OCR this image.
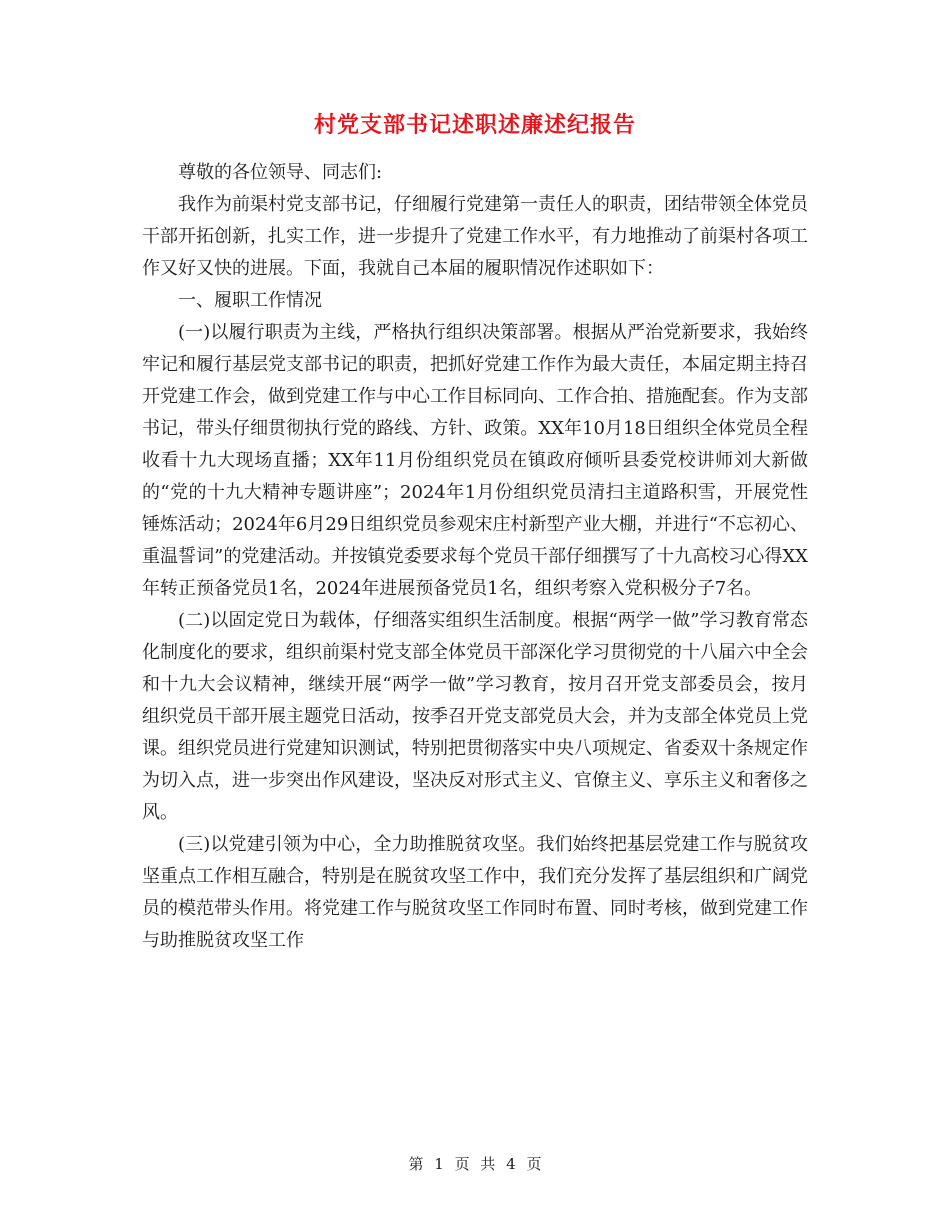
村党支部书记述职述廉述纪报告

尊敬的各位领导、同志们:

我作为前渠村党支部书记，仔细履行党建第一责任人的职责，团结带领全体党员干部开拓创新，扎实工作，进一步提升了党建工作水平，有力地推动了前渠村各项工作又好又快的进展。下面，我就自己本届的履职情况作述职如下：

一、履职工作情况

(一)以履行职责为主线，严格执行组织决策部署。根据从严治党新要求，我始终牢记和履行基层党支部书记的职责，把抓好党建工作作为最大责任，本届定期主持召开党建工作会，做到党建工作与中心工作目标同向、工作合拍、措施配套。作为支部书记，带头仔细贯彻执行党的路线、方针、政策。XX年10月18日组织全体党员全程收看十九大现场直播；XX年11月份组织党员在镇政府倾听县委党校讲师刘大新做的“党的十九大精神专题讲座”；2024年1月份组织党员清扫主道路积雪，开展党性锤炼活动；2024年6月29日组织党员参观宋庄村新型产业大棚，并进行“不忘初心、重温誓词”的党建活动。并按镇党委要求每个党员干部仔细撰写了十九高校习心得XX年转正预备党员1名，2024年进展预备党员1名，组织考察入党积极分子7名。

(二)以固定党日为载体，仔细落实组织生活制度。根据“两学一做”学习教育常态化制度化的要求，组织前渠村党支部全体党员干部深化学习贯彻党的十八届六中全会和十九大会议精神，继续开展“两学一做”学习教育，按月召开党支部委员会，按月组织党员干部开展主题党日活动，按季召开党支部党员大会，并为支部全体党员上党课。组织党员进行党建知识测试，特别把贯彻落实中央八项规定、省委双十条规定作为切入点，进一步突出作风建设，坚决反对形式主义、官僚主义、享乐主义和奢侈之风。

(三)以党建引领为中心，全力助推脱贫攻坚。我们始终把基层党建工作与脱贫攻坚重点工作相互融合，特别是在脱贫攻坚工作中，我们充分发挥了基层组织和广阔党员的模范带头作用。将党建工作与脱贫攻坚工作同时布置、同时考核，做到党建工作与助推脱贫攻坚工作

第 1 页 共 4 页
